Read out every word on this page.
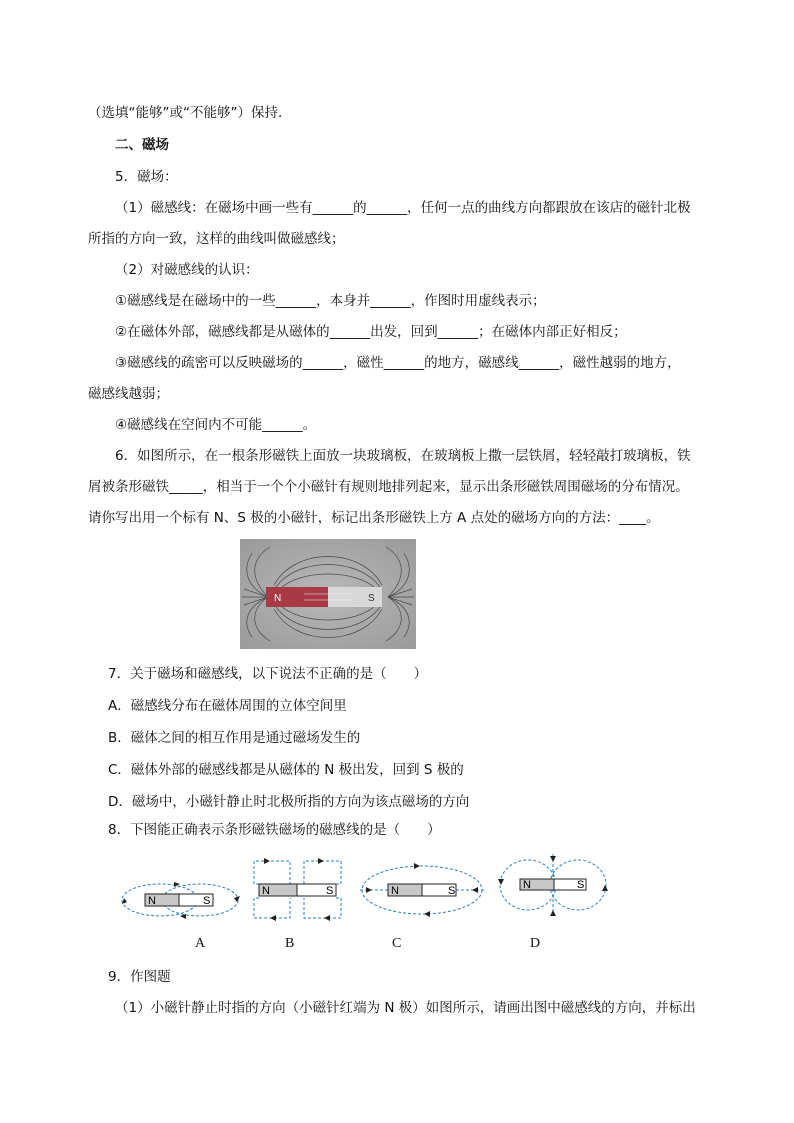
（选填“能够”或“不能够”）保持．
二、磁场
5．磁场：
（1）磁感线：在磁场中画一些有______的______，任何一点的曲线方向都跟放在该店的磁针北极
所指的方向一致，这样的曲线叫做磁感线；
（2）对磁感线的认识：
①磁感线是在磁场中的一些______，本身并______，作图时用虚线表示；
②在磁体外部，磁感线都是从磁体的______出发，回到______；在磁体内部正好相反；
③磁感线的疏密可以反映磁场的______，磁性______的地方，磁感线______，磁性越弱的地方，
磁感线越弱；
④磁感线在空间内不可能______。
6．如图所示，在一根条形磁铁上面放一块玻璃板，在玻璃板上撒一层铁屑，轻轻敲打玻璃板，铁
屑被条形磁铁_____，相当于一个个小磁针有规则地排列起来，显示出条形磁铁周围磁场的分布情况。
请你写出用一个标有 N、S 极的小磁针，标记出条形磁铁上方 A 点处的磁场方向的方法：____。
N	S
7．关于磁场和磁感线，以下说法不正确的是（　　）
A．磁感线分布在磁体周围的立体空间里
B．磁体之间的相互作用是通过磁场发生的
C．磁体外部的磁感线都是从磁体的 N 极出发，回到 S 极的
D．磁场中，小磁针静止时北极所指的方向为该点磁场的方向
8．下图能正确表示条形磁铁磁场的磁感线的是（　　）
N	S
N	S	N	S	N	S
A	B	C	D
9．作图题
（1）小磁针静止时指的方向（小磁针红端为 N 极）如图所示，请画出图中磁感线的方向，并标出
